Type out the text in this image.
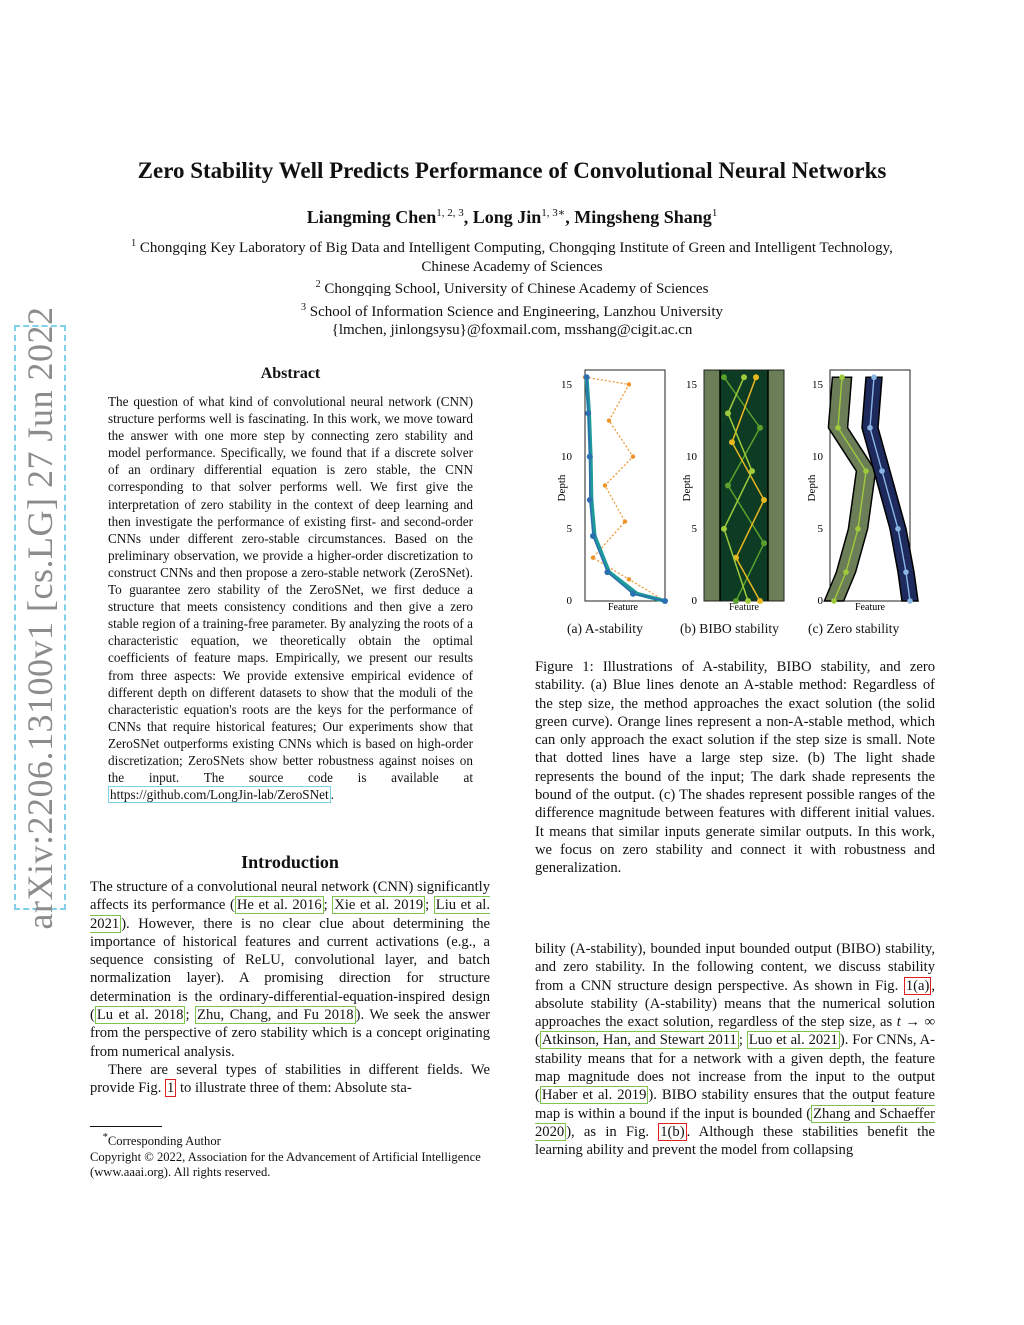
arXiv:2206.13100v1 [cs.LG] 27 Jun 2022
Zero Stability Well Predicts Performance of Convolutional Neural Networks
Liangming Chen$^{1, 2, 3}$, Long Jin$^{1, 3∗}$, Mingsheng Shang$^1$
$^1$ Chongqing Key Laboratory of Big Data and Intelligent Computing, Chongqing Institute of Green and Intelligent Technology, Chinese Academy of Sciences
$^2$ Chongqing School, University of Chinese Academy of Sciences
$^3$ School of Information Science and Engineering, Lanzhou University
{lmchen, jinlongsysu}@foxmail.com, msshang@cigit.ac.cn
Abstract
The question of what kind of convolutional neural network (CNN) structure performs well is fascinating. In this work, we move toward the answer with one more step by connecting zero stability and model performance. Specifically, we found that if a discrete solver of an ordinary differential equation is zero stable, the CNN corresponding to that solver performs well. We first give the interpretation of zero stability in the context of deep learning and then investigate the performance of existing first- and second-order CNNs under different zero-stable circumstances. Based on the preliminary observation, we provide a higher-order discretization to construct CNNs and then propose a zero-stable network (ZeroSNet). To guarantee zero stability of the ZeroSNet, we first deduce a structure that meets consistency conditions and then give a zero stable region of a training-free parameter. By analyzing the roots of a characteristic equation, we theoretically obtain the optimal coefficients of feature maps. Empirically, we present our results from three aspects: We provide extensive empirical evidence of different depth on different datasets to show that the moduli of the characteristic equation's roots are the keys for the performance of CNNs that require historical features; Our experiments show that ZeroSNet outperforms existing CNNs which is based on high-order discretization; ZeroSNets show better robustness against noises on the input. The source code is available at https://github.com/LongJin-lab/ZeroSNet .
Introduction

The structure of a convolutional neural network (CNN) significantly affects its performance ( He et al. 2016 ; Xie et al. 2019 ; Liu et al. 2021 ). However, there is no clear clue about determining the importance of historical features and current activations (e.g., a sequence consisting of ReLU, convolutional layer, and batch normalization layer). A promising direction for structure determination is the ordinary-differential-equation-inspired design ( Lu et al. 2018 ; Zhu, Chang, and Fu 2018 ). We seek the answer from the perspective of zero stability which is a concept originating from numerical analysis.

There are several types of stabilities in different fields. We provide Fig. 1 to illustrate three of them: Absolute sta-

*Corresponding Author
Copyright © 2022, Association for the Advancement of Artificial Intelligence (www.aaai.org). All rights reserved.
0
5
10
15
Depth
Feature
0
5
10
15
Depth
Feature
0
5
10
15
Depth
Feature
(a) A-stability	(b) BIBO stability (c) Zero stability
Figure 1: Illustrations of A-stability, BIBO stability, and zero stability. (a) Blue lines denote an A-stable method: Regardless of the step size, the method approaches the exact solution (the solid green curve). Orange lines represent a non-A-stable method, which can only approach the exact solution if the step size is small. Note that dotted lines have a large step size. (b) The light shade represents the bound of the input; The dark shade represents the bound of the output. (c) The shades represent possible ranges of the difference magnitude between features with different initial values. It means that similar inputs generate similar outputs. In this work, we focus on zero stability and connect it with robustness and generalization.
bility (A-stability), bounded input bounded output (BIBO) stability, and zero stability. In the following content, we discuss stability from a CNN structure design perspective. As shown in Fig. 1(a) , absolute stability (A-stability) means that the numerical solution approaches the exact solution, regardless of the step size, as t → ∞ ( Atkinson, Han, and Stewart 2011 ; Luo et al. 2021 ). For CNNs, A-stability means that for a network with a given depth, the feature map magnitude does not increase from the input to the output ( Haber et al. 2019 ). BIBO stability ensures that the output feature map is within a bound if the input is bounded ( Zhang and Schaeffer 2020 ), as in Fig. 1(b) . Although these stabilities benefit the learning ability and prevent the model from collapsing
